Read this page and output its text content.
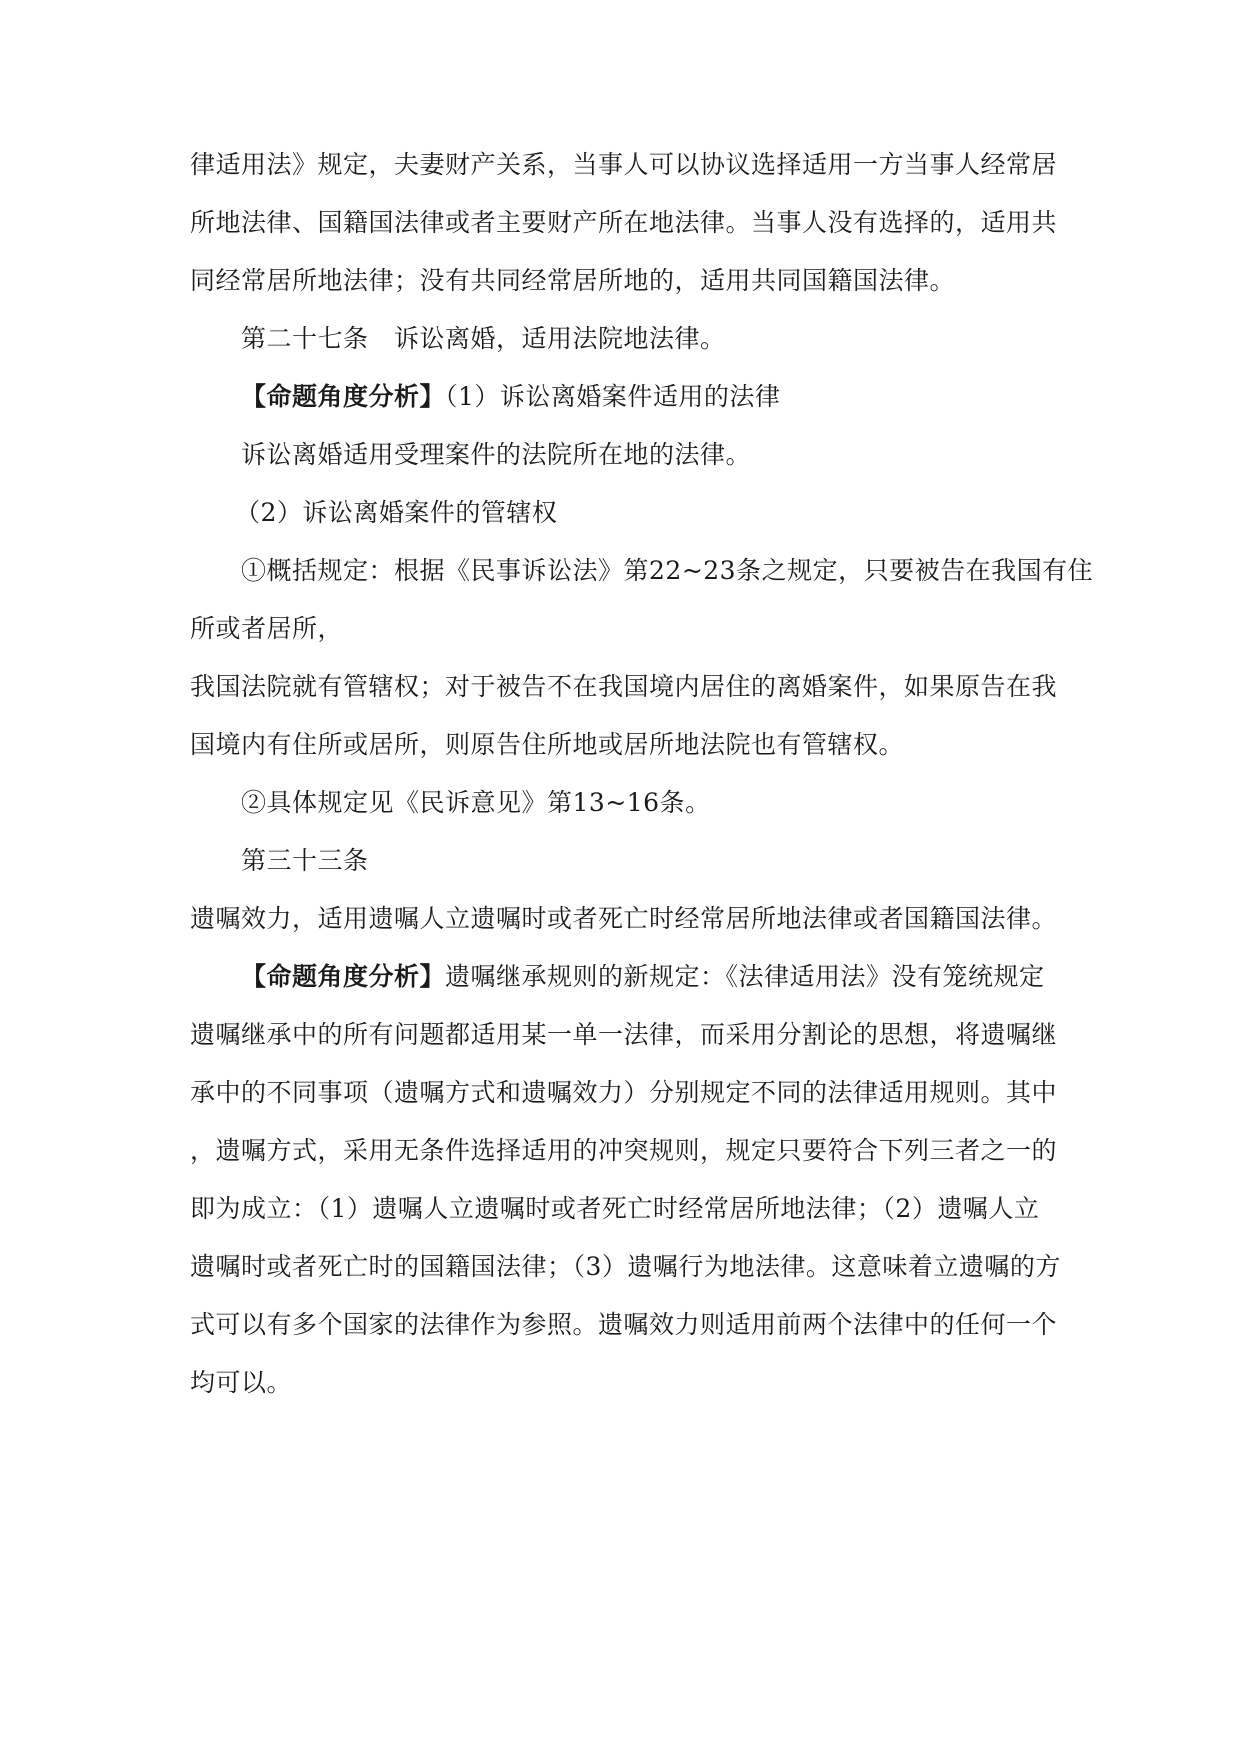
律适用法》规定，夫妻财产关系，当事人可以协议选择适用一方当事人经常居
所地法律、国籍国法律或者主要财产所在地法律。当事人没有选择的，适用共
同经常居所地法律；没有共同经常居所地的，适用共同国籍国法律。
第二十七条　诉讼离婚，适用法院地法律。
【命题角度分析】（1）诉讼离婚案件适用的法律
诉讼离婚适用受理案件的法院所在地的法律。
（2）诉讼离婚案件的管辖权
①概括规定：根据《民事诉讼法》第22~23条之规定，只要被告在我国有住
所或者居所，
我国法院就有管辖权；对于被告不在我国境内居住的离婚案件，如果原告在我
国境内有住所或居所，则原告住所地或居所地法院也有管辖权。
②具体规定见《民诉意见》第13~16条。
第三十三条
遗嘱效力，适用遗嘱人立遗嘱时或者死亡时经常居所地法律或者国籍国法律。
【命题角度分析】遗嘱继承规则的新规定：《法律适用法》没有笼统规定
遗嘱继承中的所有问题都适用某一单一法律，而采用分割论的思想，将遗嘱继
承中的不同事项（遗嘱方式和遗嘱效力）分别规定不同的法律适用规则。其中
，遗嘱方式，采用无条件选择适用的冲突规则，规定只要符合下列三者之一的
即为成立：（1）遗嘱人立遗嘱时或者死亡时经常居所地法律；（2）遗嘱人立
遗嘱时或者死亡时的国籍国法律；（3）遗嘱行为地法律。这意味着立遗嘱的方
式可以有多个国家的法律作为参照。遗嘱效力则适用前两个法律中的任何一个
均可以。
